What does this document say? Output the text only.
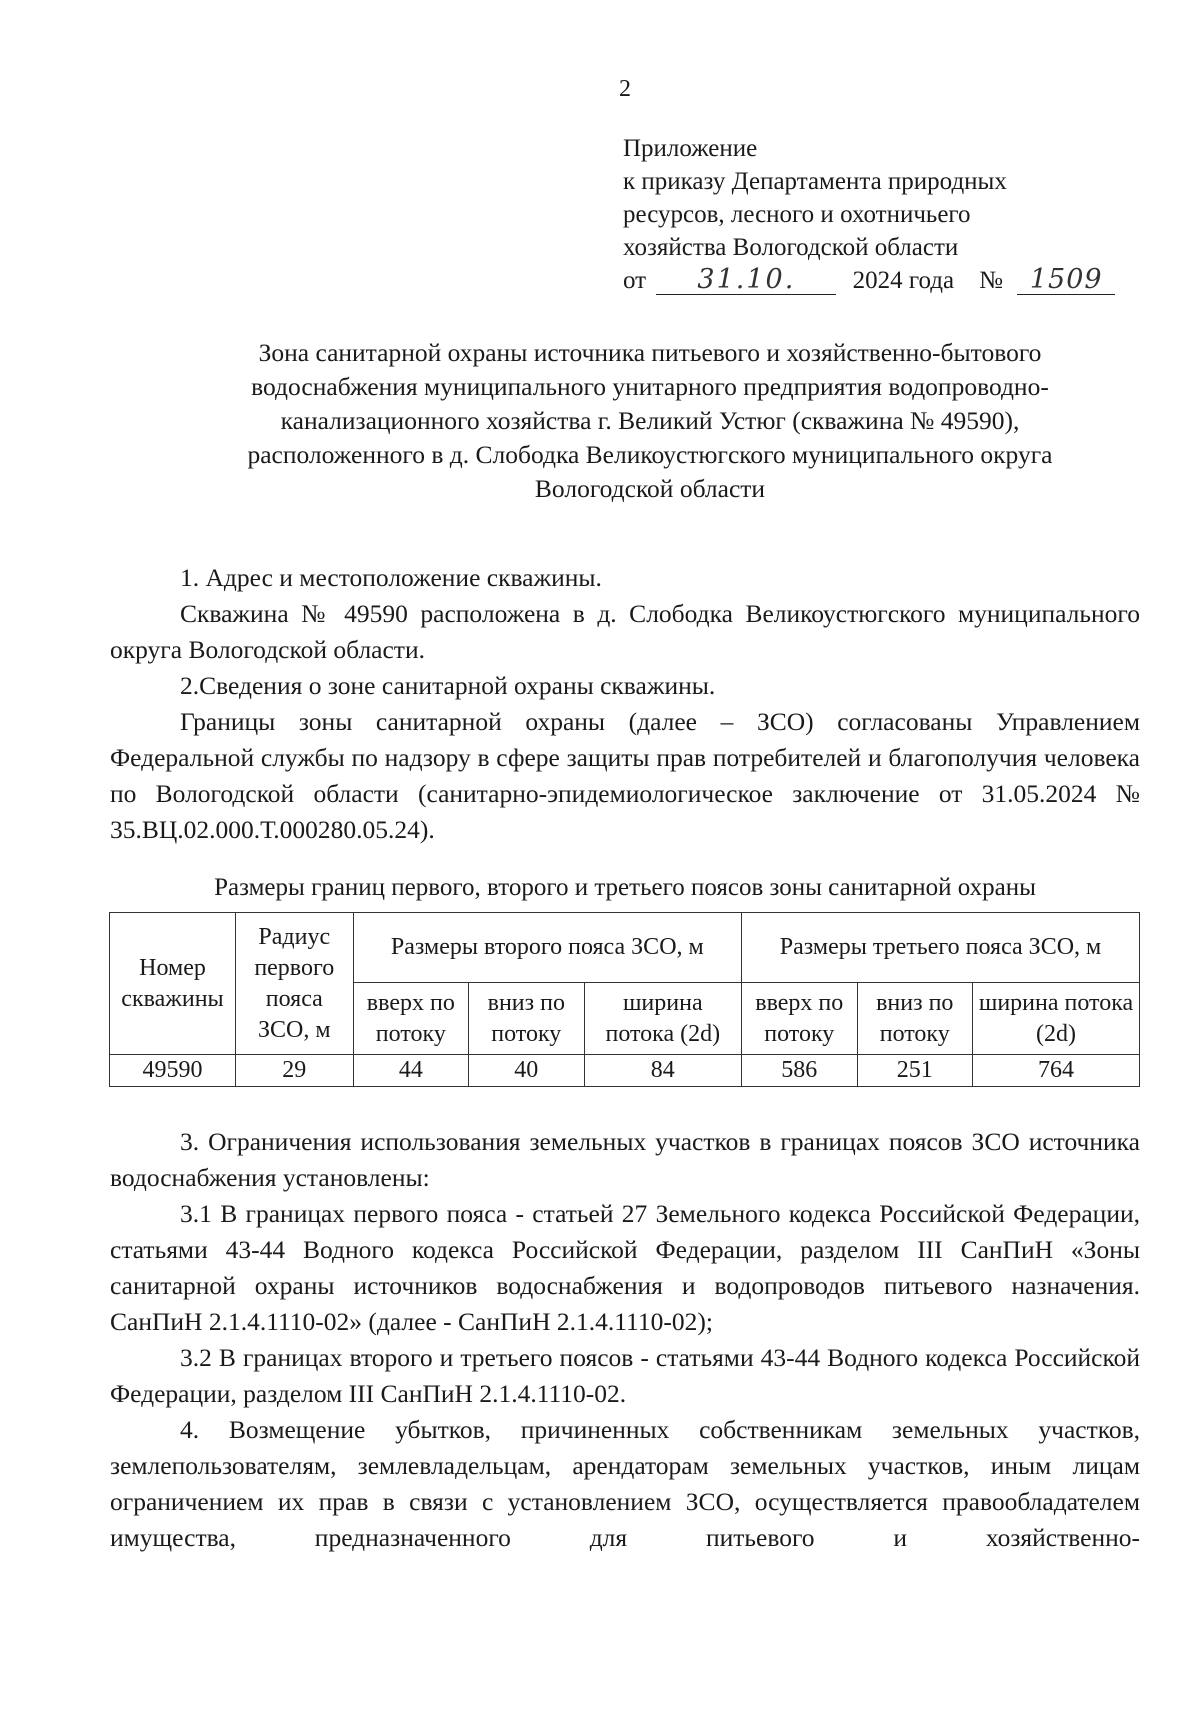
2
Приложение
к приказу Департамента природных
ресурсов, лесного и охотничьего
хозяйства Вологодской области
от 31.10. 2024 года № 1509
Зона санитарной охраны источника питьевого и хозяйственно-бытового
водоснабжения муниципального унитарного предприятия водопроводно-
канализационного хозяйства г. Великий Устюг (скважина № 49590),
расположенного в д. Слободка Великоустюгского муниципального округа
Вологодской области

1. Адрес и местоположение скважины.

Скважина № 49590 расположена в д. Слободка Великоустюгского муниципального округа Вологодской области.

2.Сведения о зоне санитарной охраны скважины.

Границы зоны санитарной охраны (далее – ЗСО) согласованы Управлением Федеральной службы по надзору в сфере защиты прав потребителей и благополучия человека по Вологодской области (санитарно-эпидемиологическое заключение от 31.05.2024 № 35.ВЦ.02.000.Т.000280.05.24).

Размеры границ первого, второго и третьего поясов зоны санитарной охраны
Номер скважины	Радиус первого пояса ЗСО, м	Размеры второго пояса ЗСО, м			Размеры третьего пояса ЗСО, м		
		вверх по потоку	вниз по потоку	ширина потока (2d)	вверх по потоку	вниз по потоку	ширина потока (2d)
49590	29	44	40	84	586	251	764

3. Ограничения использования земельных участков в границах поясов ЗСО источника водоснабжения установлены:

3.1 В границах первого пояса - статьей 27 Земельного кодекса Российской Федерации, статьями 43-44 Водного кодекса Российской Федерации, разделом III СанПиН «Зоны санитарной охраны источников водоснабжения и водопроводов питьевого назначения. СанПиН 2.1.4.1110-02» (далее - СанПиН 2.1.4.1110-02);

3.2 В границах второго и третьего поясов - статьями 43-44 Водного кодекса Российской Федерации, разделом III СанПиН 2.1.4.1110-02.

4. Возмещение убытков, причиненных собственникам земельных участков, землепользователям, землевладельцам, арендаторам земельных участков, иным лицам ограничением их прав в связи с установлением ЗСО, осуществляется правообладателем имущества, предназначенного для питьевого и хозяйственно-
